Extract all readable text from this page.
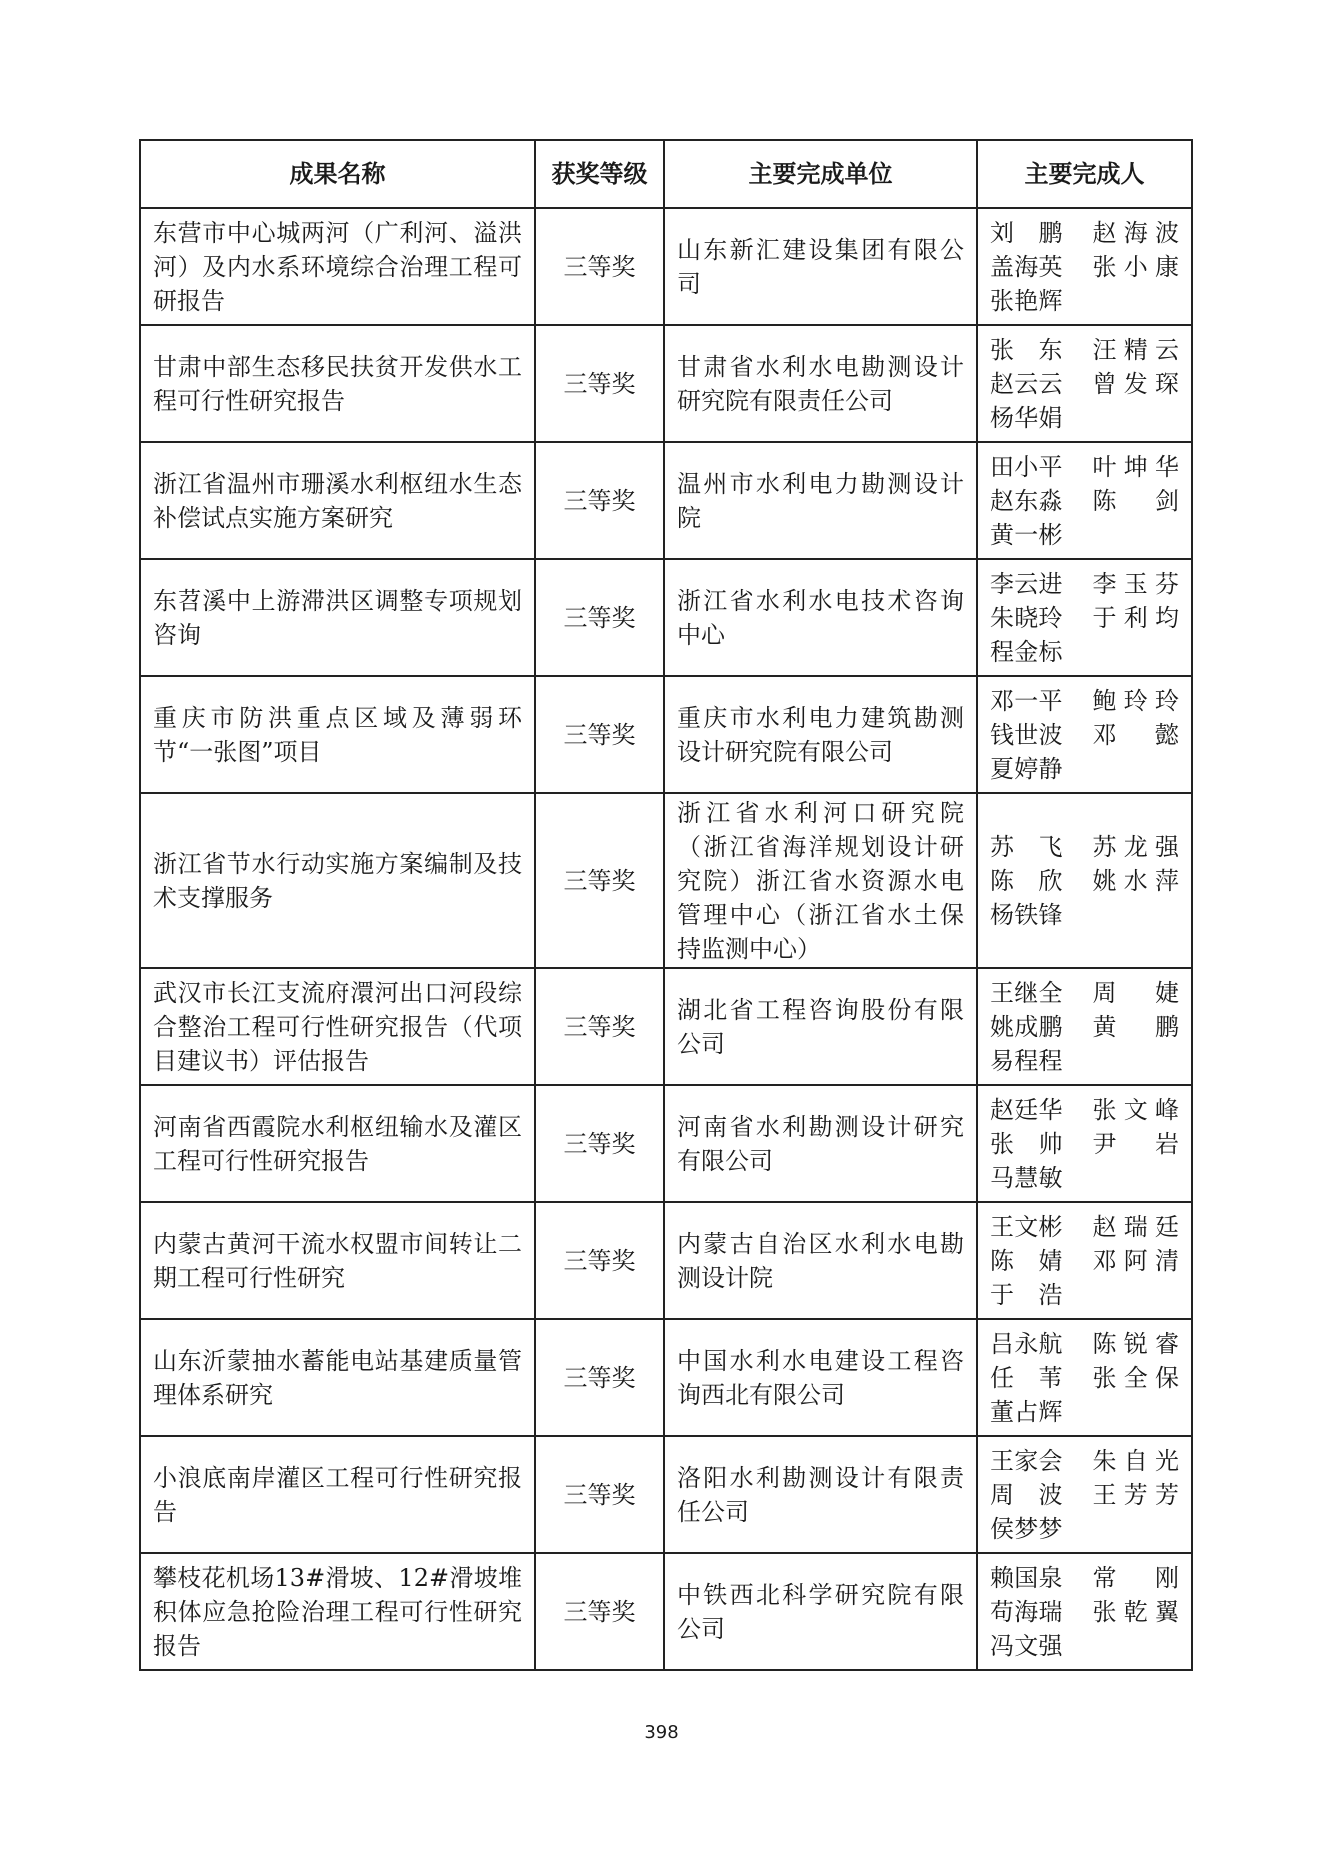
成果名称	获奖等级	主要完成单位	主要完成人
东营市中心城两河（广利河、溢洪河）及内水系环境综合治理工程可研报告	三等奖	山东新汇建设集团有限公司	刘　鹏 赵海波
盖海英 张小康
张艳辉

甘肃中部生态移民扶贫开发供水工程可行性研究报告	三等奖	甘肃省水利水电勘测设计研究院有限责任公司	张　东 汪精云
赵云云 曾发琛
杨华娟

浙江省温州市珊溪水利枢纽水生态补偿试点实施方案研究	三等奖	温州市水利电力勘测设计院	田小平 叶坤华
赵东淼 陈　剑
黄一彬

东苕溪中上游滞洪区调整专项规划咨询	三等奖	浙江省水利水电技术咨询中心	李云进 李玉芬
朱晓玲 于利均
程金标

重庆市防洪重点区域及薄弱环节“一张图”项目	三等奖	重庆市水利电力建筑勘测设计研究院有限公司	邓一平 鲍玲玲
钱世波 邓　懿
夏婷静

浙江省节水行动实施方案编制及技术支撑服务	三等奖	浙江省水利河口研究院（浙江省海洋规划设计研究院）浙江省水资源水电管理中心（浙江省水土保持监测中心）	苏　飞 苏龙强
陈　欣 姚水萍
杨铁锋

武汉市长江支流府澴河出口河段综合整治工程可行性研究报告（代项目建议书）评估报告	三等奖	湖北省工程咨询股份有限公司	王继全 周　婕
姚成鹏 黄　鹏
易程程

河南省西霞院水利枢纽输水及灌区工程可行性研究报告	三等奖	河南省水利勘测设计研究有限公司	赵廷华 张文峰
张　帅 尹　岩
马慧敏

内蒙古黄河干流水权盟市间转让二期工程可行性研究	三等奖	内蒙古自治区水利水电勘测设计院	王文彬 赵瑞廷
陈　婧 邓阿清
于　浩

山东沂蒙抽水蓄能电站基建质量管理体系研究	三等奖	中国水利水电建设工程咨询西北有限公司	吕永航 陈锐睿
任　苇 张全保
董占辉

小浪底南岸灌区工程可行性研究报告	三等奖	洛阳水利勘测设计有限责任公司	王家会 朱自光
周　波 王芳芳
侯梦梦

攀枝花机场13#滑坡、12#滑坡堆积体应急抢险治理工程可行性研究报告	三等奖	中铁西北科学研究院有限公司	赖国泉 常　刚
苟海瑞 张乾翼
冯文强
398
